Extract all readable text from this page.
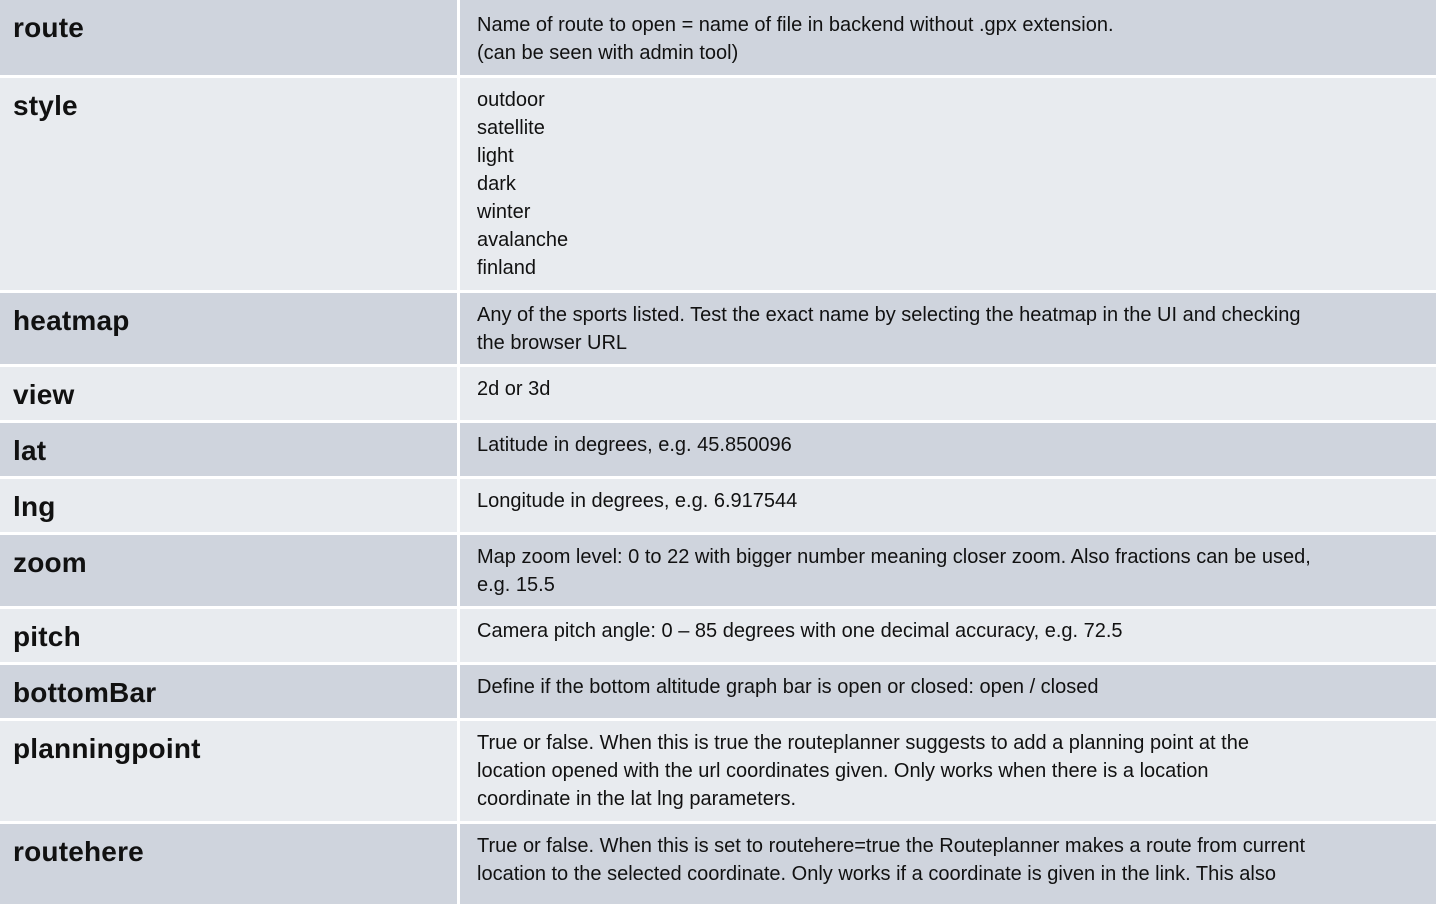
route	Name of route to open = name of file in backend without .gpx extension.
(can be seen with admin tool)
style	outdoor
satellite
light
dark
winter
avalanche
finland
heatmap	Any of the sports listed. Test the exact name by selecting the heatmap in the UI and checking
the browser URL
view	2d or 3d
lat	Latitude in degrees, e.g. 45.850096
lng	Longitude in degrees, e.g. 6.917544
zoom	Map zoom level: 0 to 22 with bigger number meaning closer zoom. Also fractions can be used,
e.g. 15.5
pitch	Camera pitch angle: 0 – 85 degrees with one decimal accuracy, e.g. 72.5
bottomBar	Define if the bottom altitude graph bar is open or closed: open / closed
planningpoint	True or false. When this is true the routeplanner suggests to add a planning point at the
location opened with the url coordinates given. Only works when there is a location
coordinate in the lat lng parameters.
routehere	True or false. When this is set to routehere=true the Routeplanner makes a route from current
location to the selected coordinate. Only works if a coordinate is given in the link. This also
